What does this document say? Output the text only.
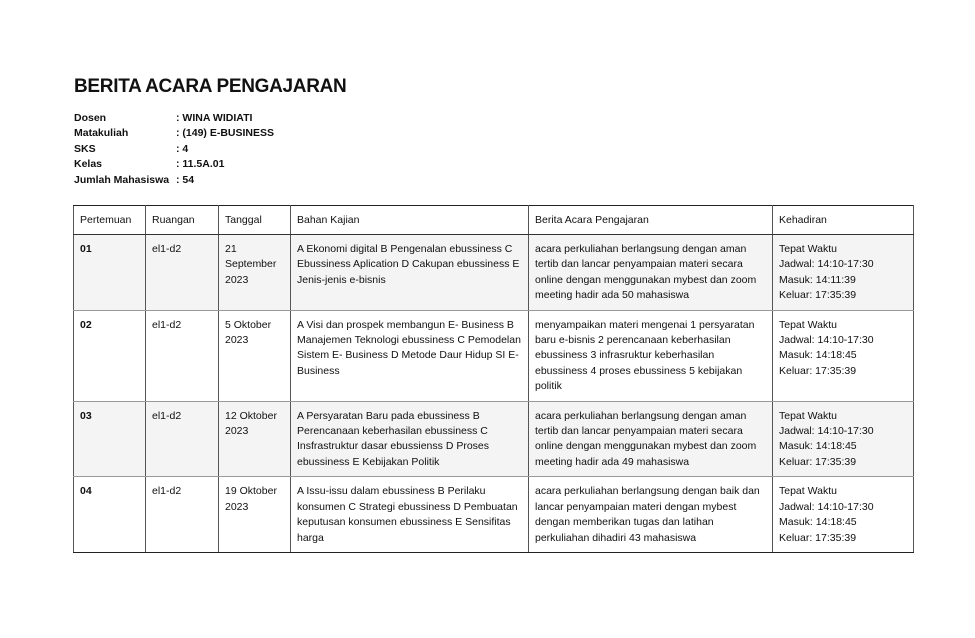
BERITA ACARA PENGAJARAN
Dosen	: WINA WIDIATI
Matakuliah	: (149) E-BUSINESS
SKS	: 4
Kelas	: 11.5A.01
Jumlah Mahasiswa : 54
Pertemuan	Ruangan	Tanggal	Bahan Kajian	Berita Acara Pengajaran	Kehadiran
01	el1-d2	21 September 2023	A Ekonomi digital B Pengenalan ebussiness C Ebussiness Aplication D Cakupan ebussiness E Jenis-jenis e-bisnis	acara perkuliahan berlangsung dengan aman tertib dan lancar penyampaian materi secara online dengan menggunakan mybest dan zoom meeting hadir ada 50 mahasiswa	Tepat Waktu
Jadwal: 14:10-17:30
Masuk: 14:11:39
Keluar: 17:35:39

02	el1-d2	5 Oktober 2023	A Visi dan prospek membangun E- Business B Manajemen Teknologi ebussiness C Pemodelan Sistem E- Business D Metode Daur Hidup SI E- Business	menyampaikan materi mengenai 1 persyaratan baru e-bisnis 2 perencanaan keberhasilan ebussiness 3 infrasruktur keberhasilan ebussiness 4 proses ebussiness 5 kebijakan politik	Tepat Waktu
Jadwal: 14:10-17:30
Masuk: 14:18:45
Keluar: 17:35:39

03	el1-d2	12 Oktober 2023	A Persyaratan Baru pada ebussiness B Perencanaan keberhasilan ebussiness C Insfrastruktur dasar ebussienss D Proses ebussiness E Kebijakan Politik	acara perkuliahan berlangsung dengan aman tertib dan lancar penyampaian materi secara online dengan menggunakan mybest dan zoom meeting hadir ada 49 mahasiswa	Tepat Waktu
Jadwal: 14:10-17:30
Masuk: 14:18:45
Keluar: 17:35:39

04	el1-d2	19 Oktober 2023	A Issu-issu dalam ebussiness B Perilaku konsumen C Strategi ebussiness D Pembuatan keputusan konsumen ebussiness E Sensifitas harga	acara perkuliahan berlangsung dengan baik dan lancar penyampaian materi dengan mybest dengan memberikan tugas dan latihan perkuliahan dihadiri 43 mahasiswa	Tepat Waktu
Jadwal: 14:10-17:30
Masuk: 14:18:45
Keluar: 17:35:39
